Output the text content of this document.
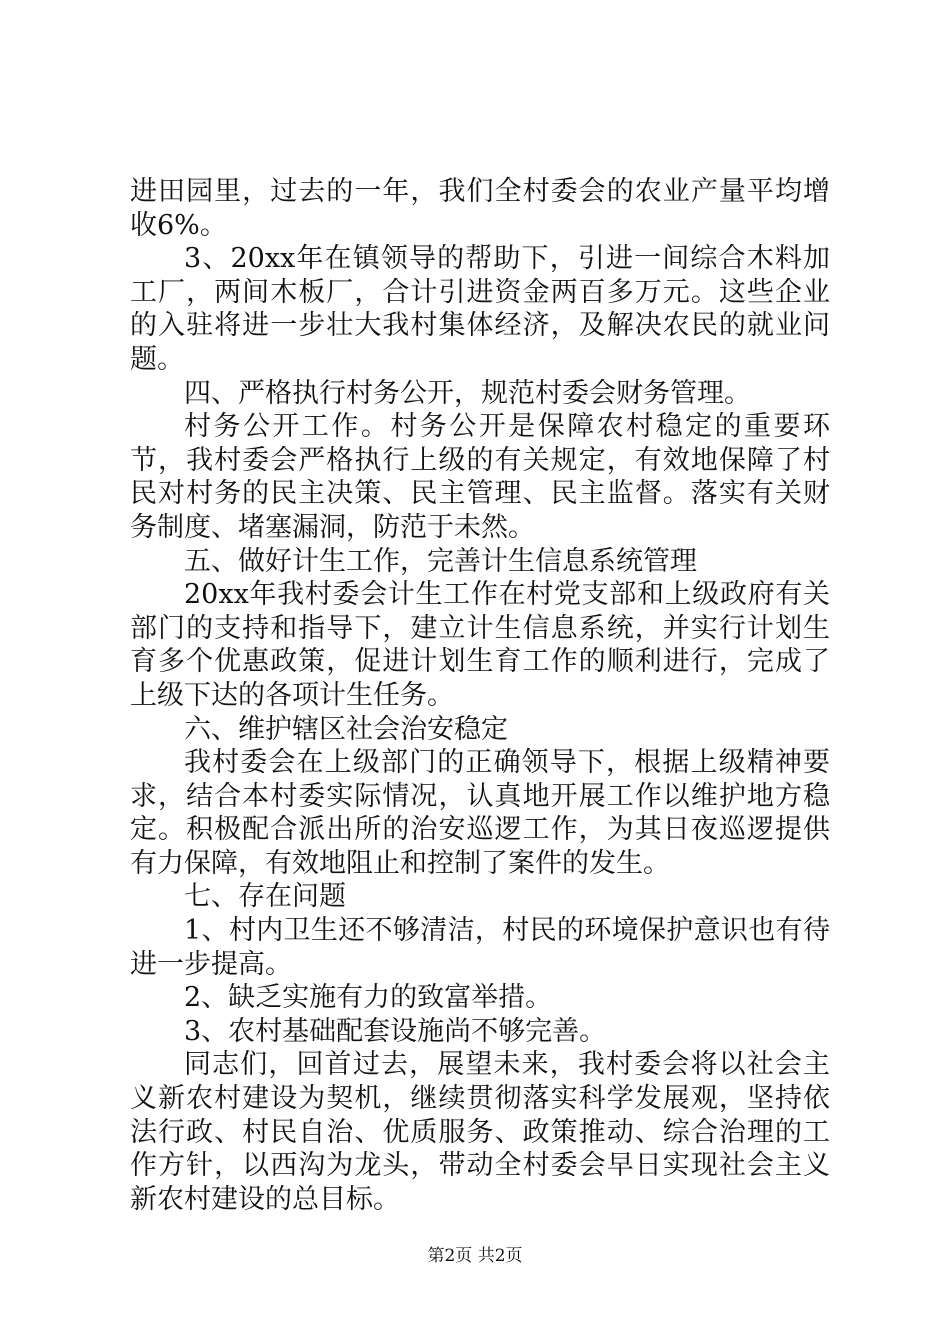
进田园里，过去的一年，我们全村委会的农业产量平均增收6%。

3、20xx年在镇领导的帮助下，引进一间综合木料加工厂，两间木板厂，合计引进资金两百多万元。这些企业的入驻将进一步壮大我村集体经济，及解决农民的就业问题。

四、严格执行村务公开，规范村委会财务管理。

村务公开工作。村务公开是保障农村稳定的重要环节，我村委会严格执行上级的有关规定，有效地保障了村民对村务的民主决策、民主管理、民主监督。落实有关财务制度、堵塞漏洞，防范于未然。

五、做好计生工作，完善计生信息系统管理

20xx年我村委会计生工作在村党支部和上级政府有关部门的支持和指导下，建立计生信息系统，并实行计划生育多个优惠政策，促进计划生育工作的顺利进行，完成了上级下达的各项计生任务。

六、维护辖区社会治安稳定

我村委会在上级部门的正确领导下，根据上级精神要求，结合本村委实际情况，认真地开展工作以维护地方稳定。积极配合派出所的治安巡逻工作，为其日夜巡逻提供有力保障，有效地阻止和控制了案件的发生。

七、存在问题

1、村内卫生还不够清洁，村民的环境保护意识也有待进一步提高。

2、缺乏实施有力的致富举措。

3、农村基础配套设施尚不够完善。

同志们，回首过去，展望未来，我村委会将以社会主义新农村建设为契机，继续贯彻落实科学发展观，坚持依法行政、村民自治、优质服务、政策推动、综合治理的工作方针，以西沟为龙头，带动全村委会早日实现社会主义新农村建设的总目标。

第2页 共2页
